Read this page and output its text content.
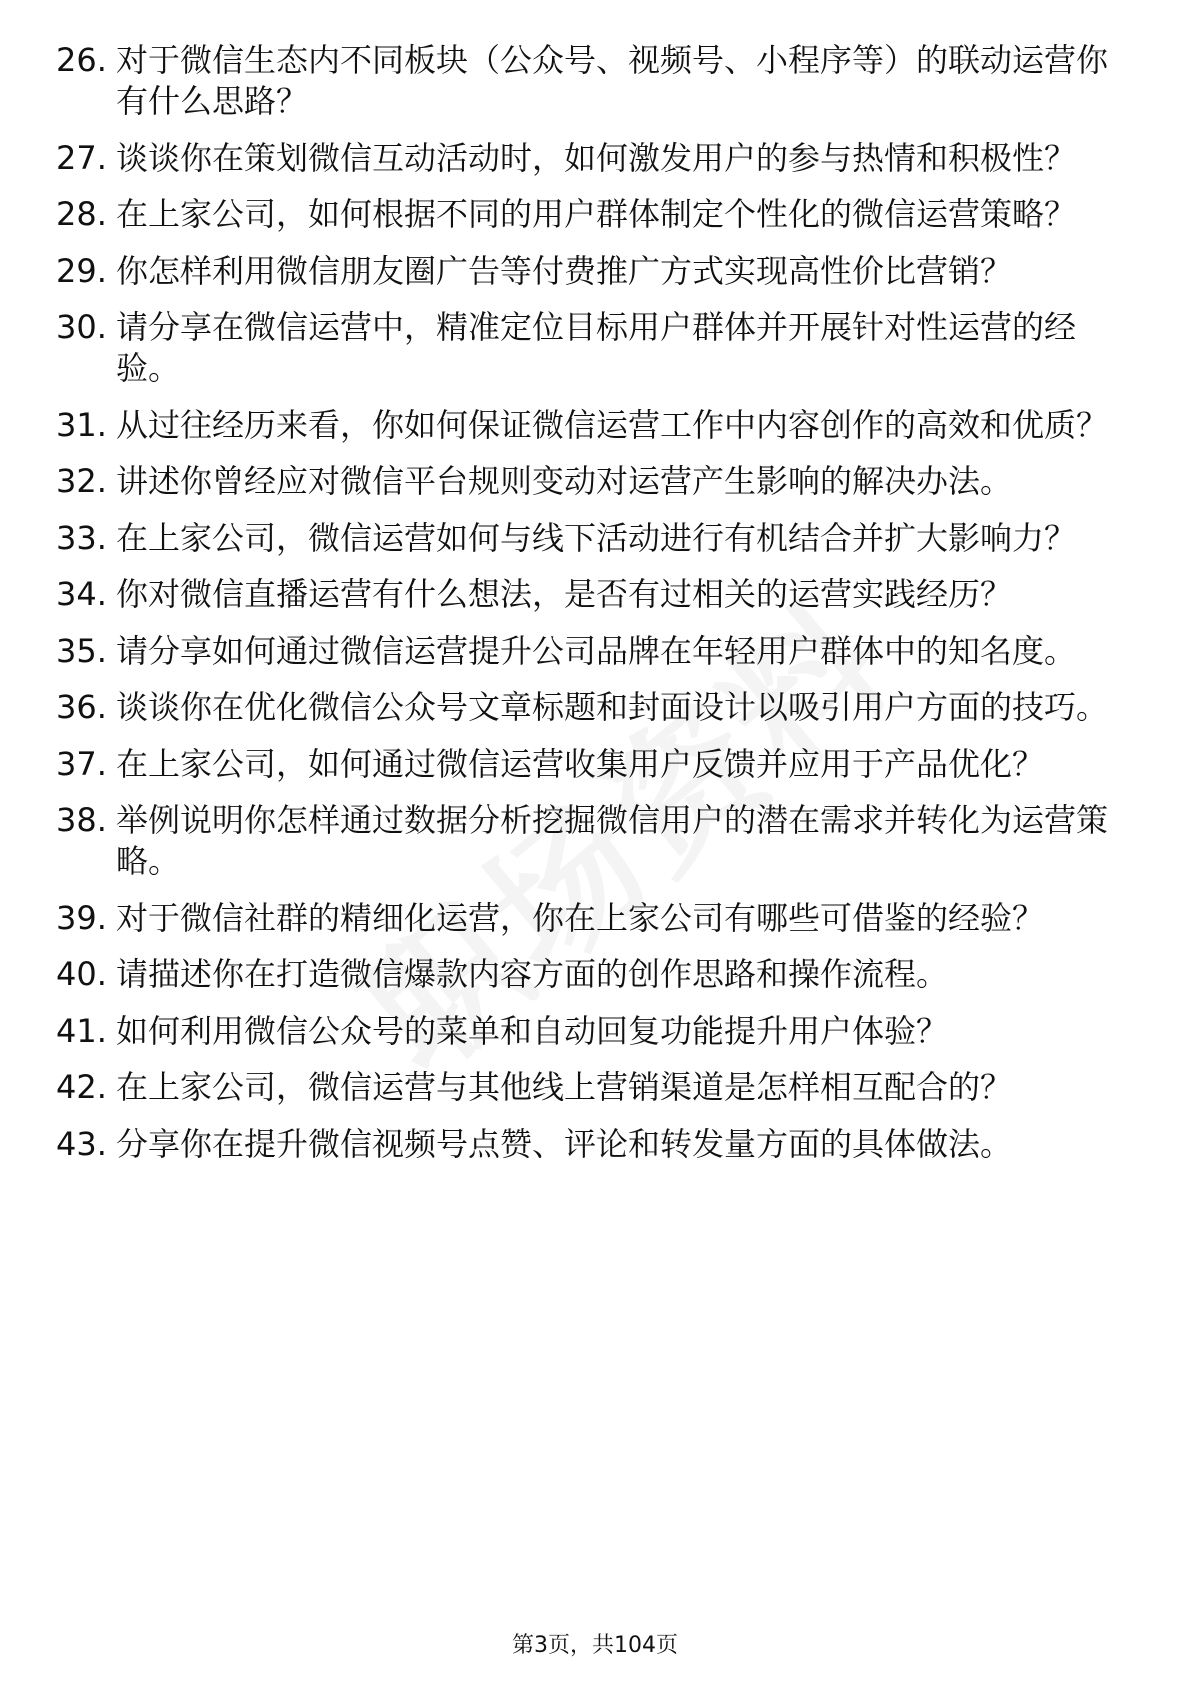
26. 对于微信生态内不同板块（公众号、视频号、小程序等）的联动运营你有什么思路？
27. 谈谈你在策划微信互动活动时，如何激发用户的参与热情和积极性？
28. 在上家公司，如何根据不同的用户群体制定个性化的微信运营策略？
29. 你怎样利用微信朋友圈广告等付费推广方式实现高性价比营销？
30. 请分享在微信运营中，精准定位目标用户群体并开展针对性运营的经验。
31. 从过往经历来看，你如何保证微信运营工作中内容创作的高效和优质？
32. 讲述你曾经应对微信平台规则变动对运营产生影响的解决办法。
33. 在上家公司，微信运营如何与线下活动进行有机结合并扩大影响力？
34. 你对微信直播运营有什么想法，是否有过相关的运营实践经历？
35. 请分享如何通过微信运营提升公司品牌在年轻用户群体中的知名度。
36. 谈谈你在优化微信公众号文章标题和封面设计以吸引用户方面的技巧。
37. 在上家公司，如何通过微信运营收集用户反馈并应用于产品优化？
38. 举例说明你怎样通过数据分析挖掘微信用户的潜在需求并转化为运营策略。
39. 对于微信社群的精细化运营，你在上家公司有哪些可借鉴的经验？
40. 请描述你在打造微信爆款内容方面的创作思路和操作流程。
41. 如何利用微信公众号的菜单和自动回复功能提升用户体验？
42. 在上家公司，微信运营与其他线上营销渠道是怎样相互配合的？
43. 分享你在提升微信视频号点赞、评论和转发量方面的具体做法。
第3页，共104页
